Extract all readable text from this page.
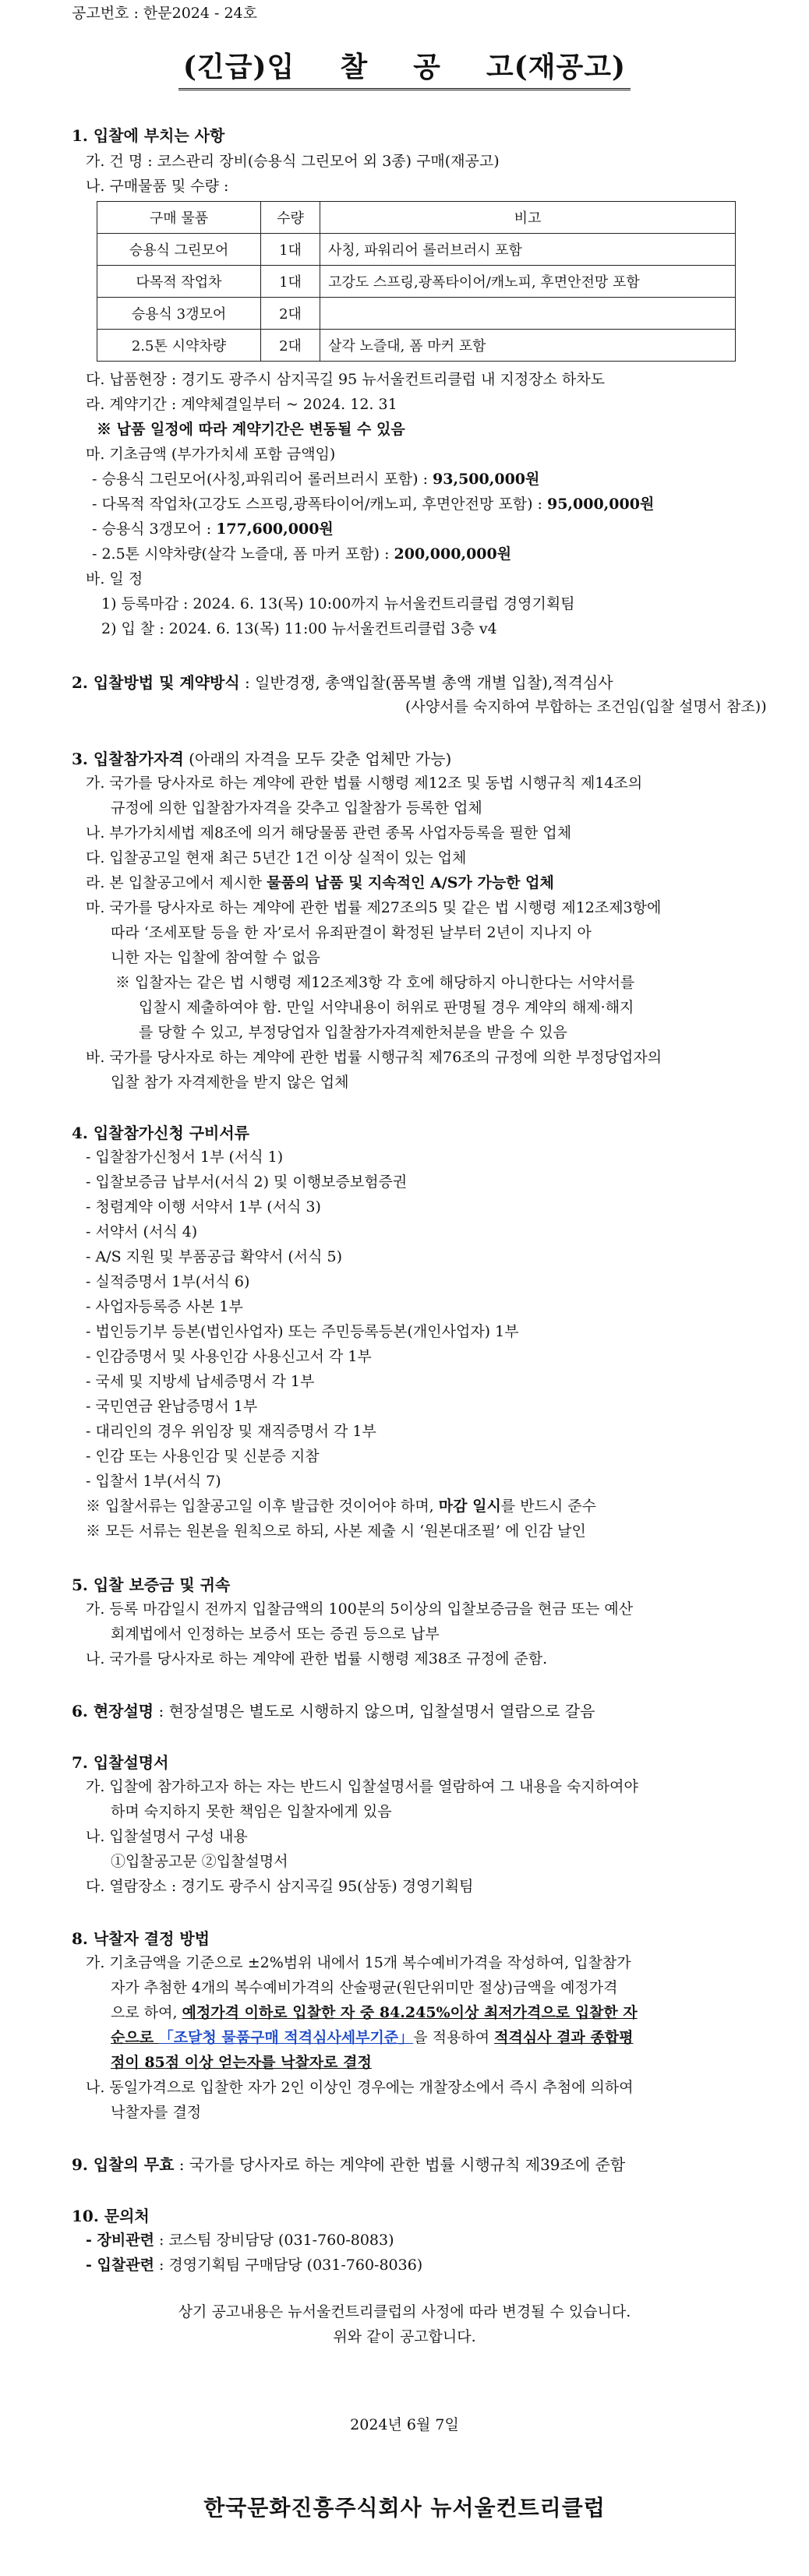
공고번호 : 한문2024 - 24호
(긴급)입 찰 공 고(재공고)
1. 입찰에 부치는 사항
가. 건 명 : 코스관리 장비(승용식 그린모어 외 3종) 구매(재공고)
나. 구매물품 및 수량 :
구매 물품	수량	비고
승용식 그린모어	1대	사칭, 파워리어 롤러브러시 포함
다목적 작업차	1대	고강도 스프링,광폭타이어/캐노피, 후면안전망 포함
승용식 3갱모어	2대	
2.5톤 시약차량	2대	살각 노즐대, 폼 마커 포함
다. 납품현장 : 경기도 광주시 삼지곡길 95 뉴서울컨트리클럽 내 지정장소 하차도
라. 계약기간 : 계약체결일부터 ~ 2024. 12. 31
※ 납품 일정에 따라 계약기간은 변동될 수 있음
마. 기초금액 (부가가치세 포함 금액임)
- 승용식 그린모어(사칭,파워리어 롤러브러시 포함) : 93,500,000원
- 다목적 작업차(고강도 스프링,광폭타이어/캐노피, 후면안전망 포함) : 95,000,000원
- 승용식 3갱모어 : 177,600,000원
- 2.5톤 시약차량(살각 노즐대, 폼 마커 포함) : 200,000,000원
바. 일 정
1) 등록마감 : 2024. 6. 13(목) 10:00까지 뉴서울컨트리클럽 경영기획팀
2) 입 찰 : 2024. 6. 13(목) 11:00 뉴서울컨트리클럽 3층 v4
2. 입찰방법 및 계약방식 : 일반경쟁, 총액입찰(품목별 총액 개별 입찰),적격심사
(사양서를 숙지하여 부합하는 조건임(입찰 설명서 참조))
3. 입찰참가자격 (아래의 자격을 모두 갖춘 업체만 가능)
가. 국가를 당사자로 하는 계약에 관한 법률 시행령 제12조 및 동법 시행규칙 제14조의
규정에 의한 입찰참가자격을 갖추고 입찰참가 등록한 업체
나. 부가가치세법 제8조에 의거 해당물품 관련 종목 사업자등록을 필한 업체
다. 입찰공고일 현재 최근 5년간 1건 이상 실적이 있는 업체
라. 본 입찰공고에서 제시한 물품의 납품 및 지속적인 A/S가 가능한 업체
마. 국가를 당사자로 하는 계약에 관한 법률 제27조의5 및 같은 법 시행령 제12조제3항에
따라 ‘조세포탈 등을 한 자’로서 유죄판결이 확정된 날부터 2년이 지나지 아
니한 자는 입찰에 참여할 수 없음
※ 입찰자는 같은 법 시행령 제12조제3항 각 호에 해당하지 아니한다는 서약서를
입찰시 제출하여야 함. 만일 서약내용이 허위로 판명될 경우 계약의 해제·해지
를 당할 수 있고, 부정당업자 입찰참가자격제한처분을 받을 수 있음
바. 국가를 당사자로 하는 계약에 관한 법률 시행규칙 제76조의 규정에 의한 부정당업자의
입찰 참가 자격제한을 받지 않은 업체
4. 입찰참가신청 구비서류
- 입찰참가신청서 1부 (서식 1)
- 입찰보증금 납부서(서식 2) 및 이행보증보험증권
- 청렴계약 이행 서약서 1부 (서식 3)
- 서약서 (서식 4)
- A/S 지원 및 부품공급 확약서 (서식 5)
- 실적증명서 1부(서식 6)
- 사업자등록증 사본 1부
- 법인등기부 등본(법인사업자) 또는 주민등록등본(개인사업자) 1부
- 인감증명서 및 사용인감 사용신고서 각 1부
- 국세 및 지방세 납세증명서 각 1부
- 국민연금 완납증명서 1부
- 대리인의 경우 위임장 및 재직증명서 각 1부
- 인감 또는 사용인감 및 신분증 지참
- 입찰서 1부(서식 7)
※ 입찰서류는 입찰공고일 이후 발급한 것이어야 하며, 마감 일시를 반드시 준수
※ 모든 서류는 원본을 원칙으로 하되, 사본 제출 시 ‘원본대조필’ 에 인감 날인
5. 입찰 보증금 및 귀속
가. 등록 마감일시 전까지 입찰금액의 100분의 5이상의 입찰보증금을 현금 또는 예산
회계법에서 인정하는 보증서 또는 증권 등으로 납부
나. 국가를 당사자로 하는 계약에 관한 법률 시행령 제38조 규정에 준함.
6. 현장설명 : 현장설명은 별도로 시행하지 않으며, 입찰설명서 열람으로 갈음
7. 입찰설명서
가. 입찰에 참가하고자 하는 자는 반드시 입찰설명서를 열람하여 그 내용을 숙지하여야
하며 숙지하지 못한 책임은 입찰자에게 있음
나. 입찰설명서 구성 내용
①입찰공고문 ②입찰설명서
다. 열람장소 : 경기도 광주시 삼지곡길 95(삼동) 경영기획팀
8. 낙찰자 결정 방법
가. 기초금액을 기준으로 ±2%범위 내에서 15개 복수예비가격을 작성하여, 입찰참가
자가 추첨한 4개의 복수예비가격의 산술평균(원단위미만 절상)금액을 예정가격
으로 하여, 예정가격 이하로 입찰한 자 중 84.245%이상 최저가격으로 입찰한 자
순으로 「조달청 물품구매 적격심사세부기준」을 적용하여 적격심사 결과 종합평
점이 85점 이상 얻는자를 낙찰자로 결정
나. 동일가격으로 입찰한 자가 2인 이상인 경우에는 개찰장소에서 즉시 추첨에 의하여
낙찰자를 결정
9. 입찰의 무효 : 국가를 당사자로 하는 계약에 관한 법률 시행규칙 제39조에 준함
10. 문의처
- 장비관련 : 코스팀 장비담당 (031-760-8083)
- 입찰관련 : 경영기획팀 구매담당 (031-760-8036)
상기 공고내용은 뉴서울컨트리클럽의 사정에 따라 변경될 수 있습니다.
위와 같이 공고합니다.
2024년 6월 7일
한국문화진흥주식회사 뉴서울컨트리클럽
